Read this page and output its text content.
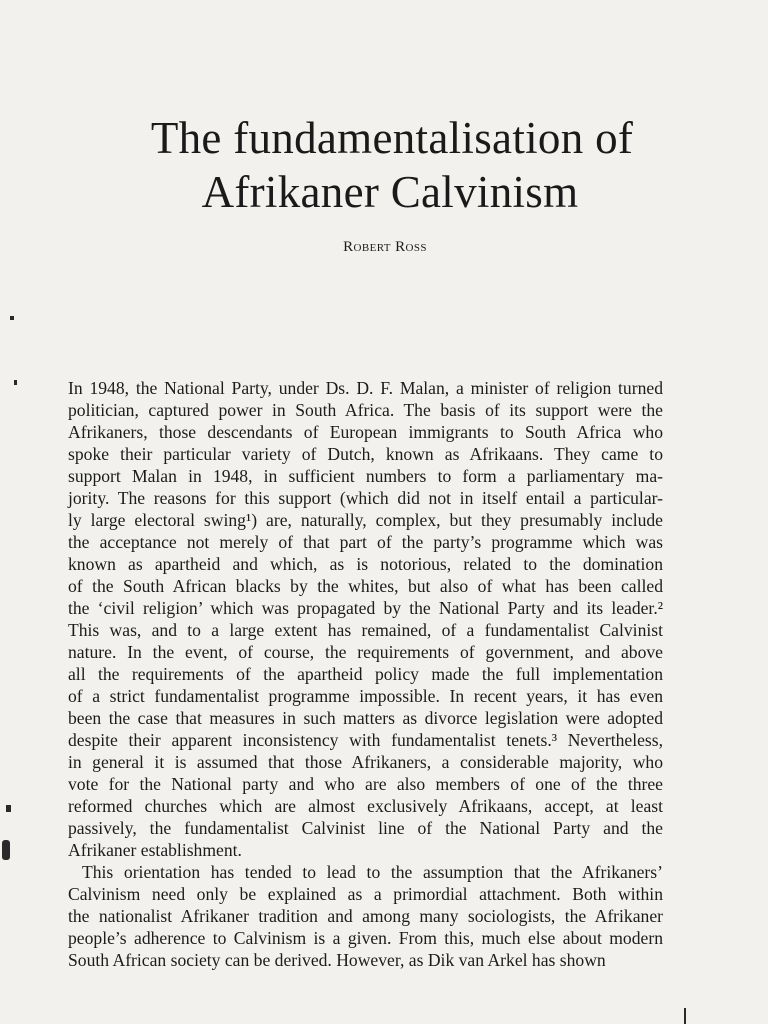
The fundamentalisation of
Afrikaner Calvinism
Robert Ross
In 1948, the National Party, under Ds. D. F. Malan, a minister of religion turned
politician, captured power in South Africa. The basis of its support were the
Afrikaners, those descendants of European immigrants to South Africa who
spoke their particular variety of Dutch, known as Afrikaans. They came to
support Malan in 1948, in sufficient numbers to form a parliamentary ma-
jority. The reasons for this support (which did not in itself entail a particular-
ly large electoral swing¹) are, naturally, complex, but they presumably include
the acceptance not merely of that part of the party’s programme which was
known as apartheid and which, as is notorious, related to the domination
of the South African blacks by the whites, but also of what has been called
the ‘civil religion’ which was propagated by the National Party and its leader.²
This was, and to a large extent has remained, of a fundamentalist Calvinist
nature. In the event, of course, the requirements of government, and above
all the requirements of the apartheid policy made the full implementation
of a strict fundamentalist programme impossible. In recent years, it has even
been the case that measures in such matters as divorce legislation were adopted
despite their apparent inconsistency with fundamentalist tenets.³ Nevertheless,
in general it is assumed that those Afrikaners, a considerable majority, who
vote for the National party and who are also members of one of the three
reformed churches which are almost exclusively Afrikaans, accept, at least
passively, the fundamentalist Calvinist line of the National Party and the
Afrikaner establishment.
This orientation has tended to lead to the assumption that the Afrikaners’
Calvinism need only be explained as a primordial attachment. Both within
the nationalist Afrikaner tradition and among many sociologists, the Afrikaner
people’s adherence to Calvinism is a given. From this, much else about modern
South African society can be derived. However, as Dik van Arkel has shown
